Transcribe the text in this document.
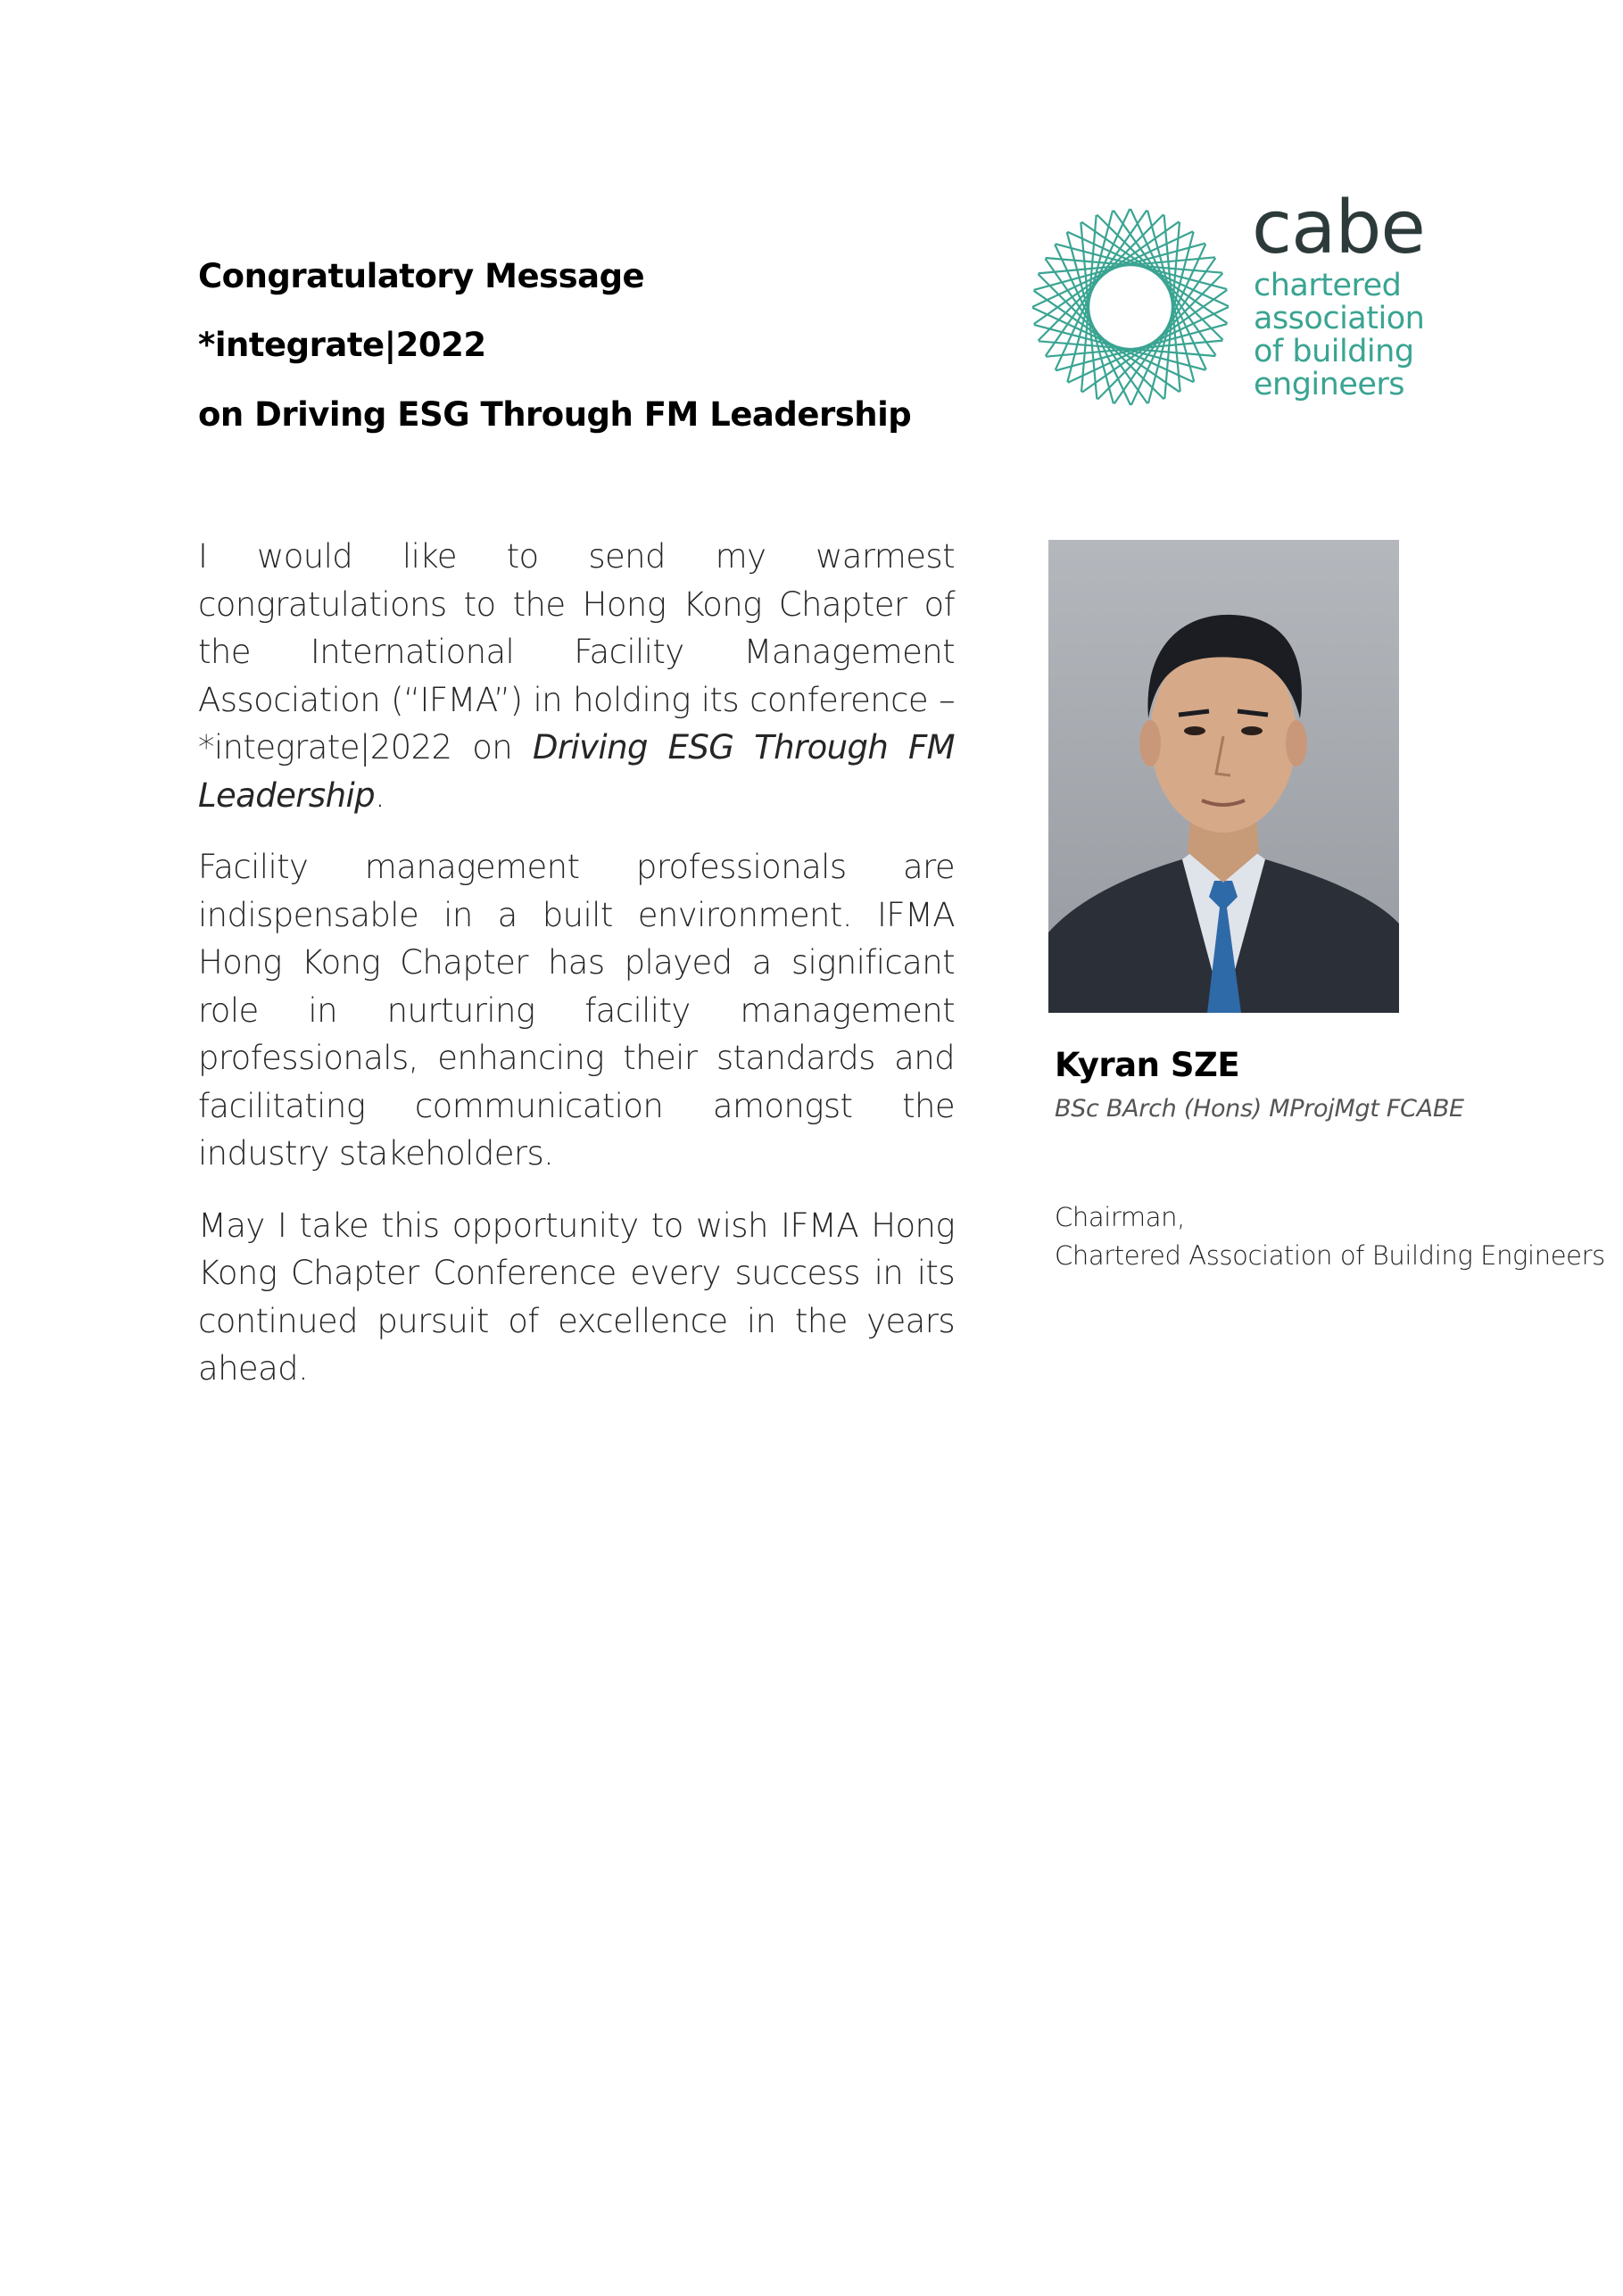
Congratulatory Message
*integrate|2022
on Driving ESG Through FM Leadership
cabe
chartered
association
of building
engineers

I would like to send my warmest congratulations to the Hong Kong Chapter of the International Facility Management Association (“IFMA”) in holding its conference – *integrate|2022 on Driving ESG Through FM Leadership.

Facility management professionals are indispensable in a built environment. IFMA Hong Kong Chapter has played a significant role in nurturing facility management professionals, enhancing their standards and facilitating communication amongst the industry stakeholders.

May I take this opportunity to wish IFMA Hong Kong Chapter Conference every success in its continued pursuit of excellence in the years ahead.

Kyran SZE
BSc BArch (Hons) MProjMgt FCABE
Chairman,
Chartered Association of Building Engineers
